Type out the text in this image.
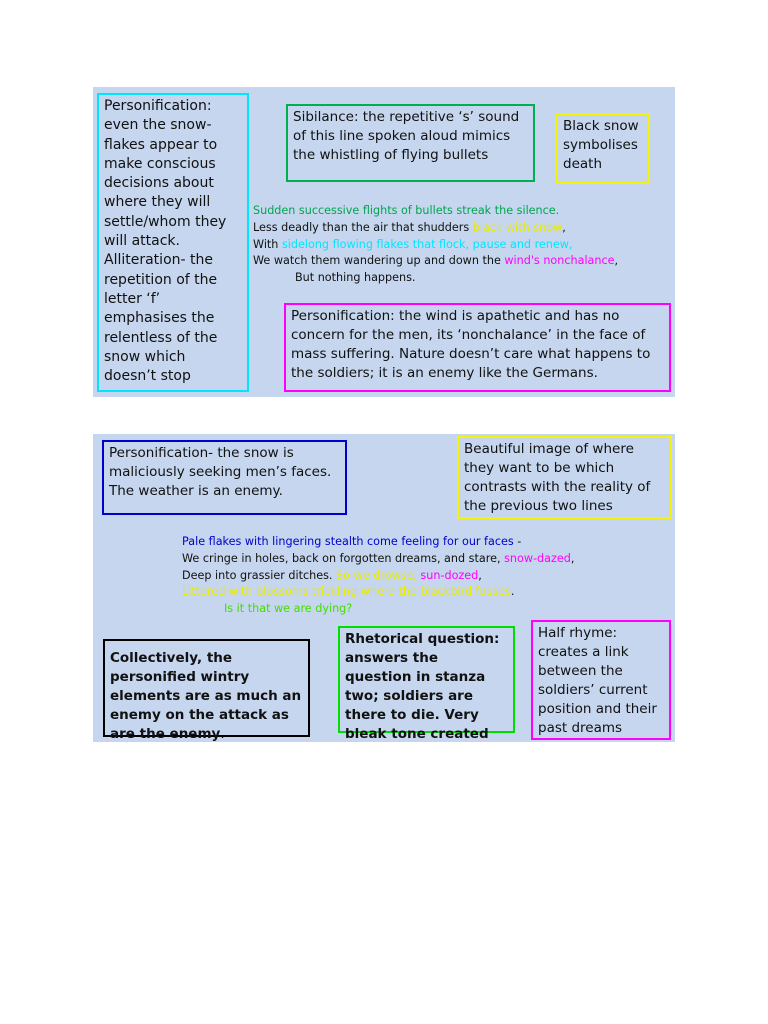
Personification: even the snow-flakes appear to make conscious decisions about where they will settle/whom they will attack. Alliteration- the repetition of the letter ‘f’ emphasises the relentless of the snow which doesn’t stop
Sibilance: the repetitive ‘s’ sound of this line spoken aloud mimics the whistling of flying bullets
Black snow symbolises death
Sudden successive flights of bullets streak the silence.
Less deadly than the air that shudders black with snow,
With sidelong flowing flakes that flock, pause and renew,
We watch them wandering up and down the wind's nonchalance,
But nothing happens.
Personification: the wind is apathetic and has no concern for the men, its ‘nonchalance’ in the face of mass suffering. Nature doesn’t care what happens to the soldiers; it is an enemy like the Germans.
Personification- the snow is maliciously seeking men’s faces. The weather is an enemy.
Beautiful image of where they want to be which contrasts with the reality of the previous two lines
Pale flakes with lingering stealth come feeling for our faces -
We cringe in holes, back on forgotten dreams, and stare, snow-dazed,
Deep into grassier ditches. So we drowse, sun-dozed,
Littered with blossoms trickling where the blackbird fusses.
Is it that we are dying?
Collectively, the personified wintry elements are as much an enemy on the attack as are the enemy.
Rhetorical question: answers the question in stanza two; soldiers are there to die. Very bleak tone created
Half rhyme: creates a link between the soldiers’ current position and their past dreams
